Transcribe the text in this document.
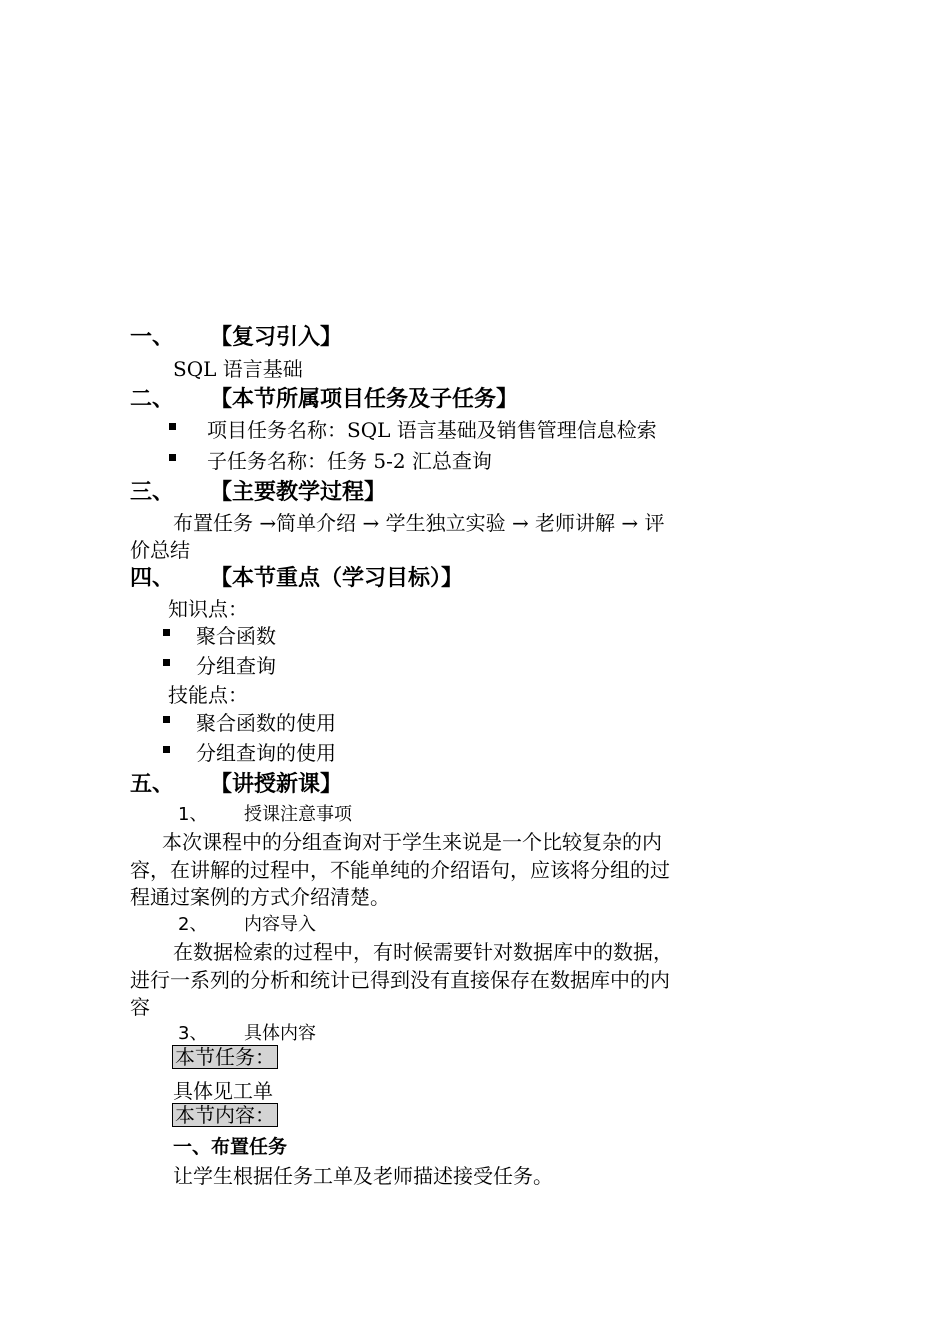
一、 【复习引入】
SQL 语言基础
二、 【本节所属项目任务及子任务】
项目任务名称：SQL 语言基础及销售管理信息检索
子任务名称：任务 5-2 汇总查询
三、 【主要教学过程】
布置任务 →简单介绍 → 学生独立实验 → 老师讲解 → 评
价总结
四、 【本节重点（学习目标）】
知识点：
聚合函数
分组查询
技能点：
聚合函数的使用
分组查询的使用
五、 【讲授新课】
1、 授课注意事项
本次课程中的分组查询对于学生来说是一个比较复杂的内
容，在讲解的过程中，不能单纯的介绍语句，应该将分组的过
程通过案例的方式介绍清楚。
2、 内容导入
在数据检索的过程中，有时候需要针对数据库中的数据，
进行一系列的分析和统计已得到没有直接保存在数据库中的内
容
3、 具体内容
本节任务：
具体见工单
本节内容：
一、布置任务
让学生根据任务工单及老师描述接受任务。
